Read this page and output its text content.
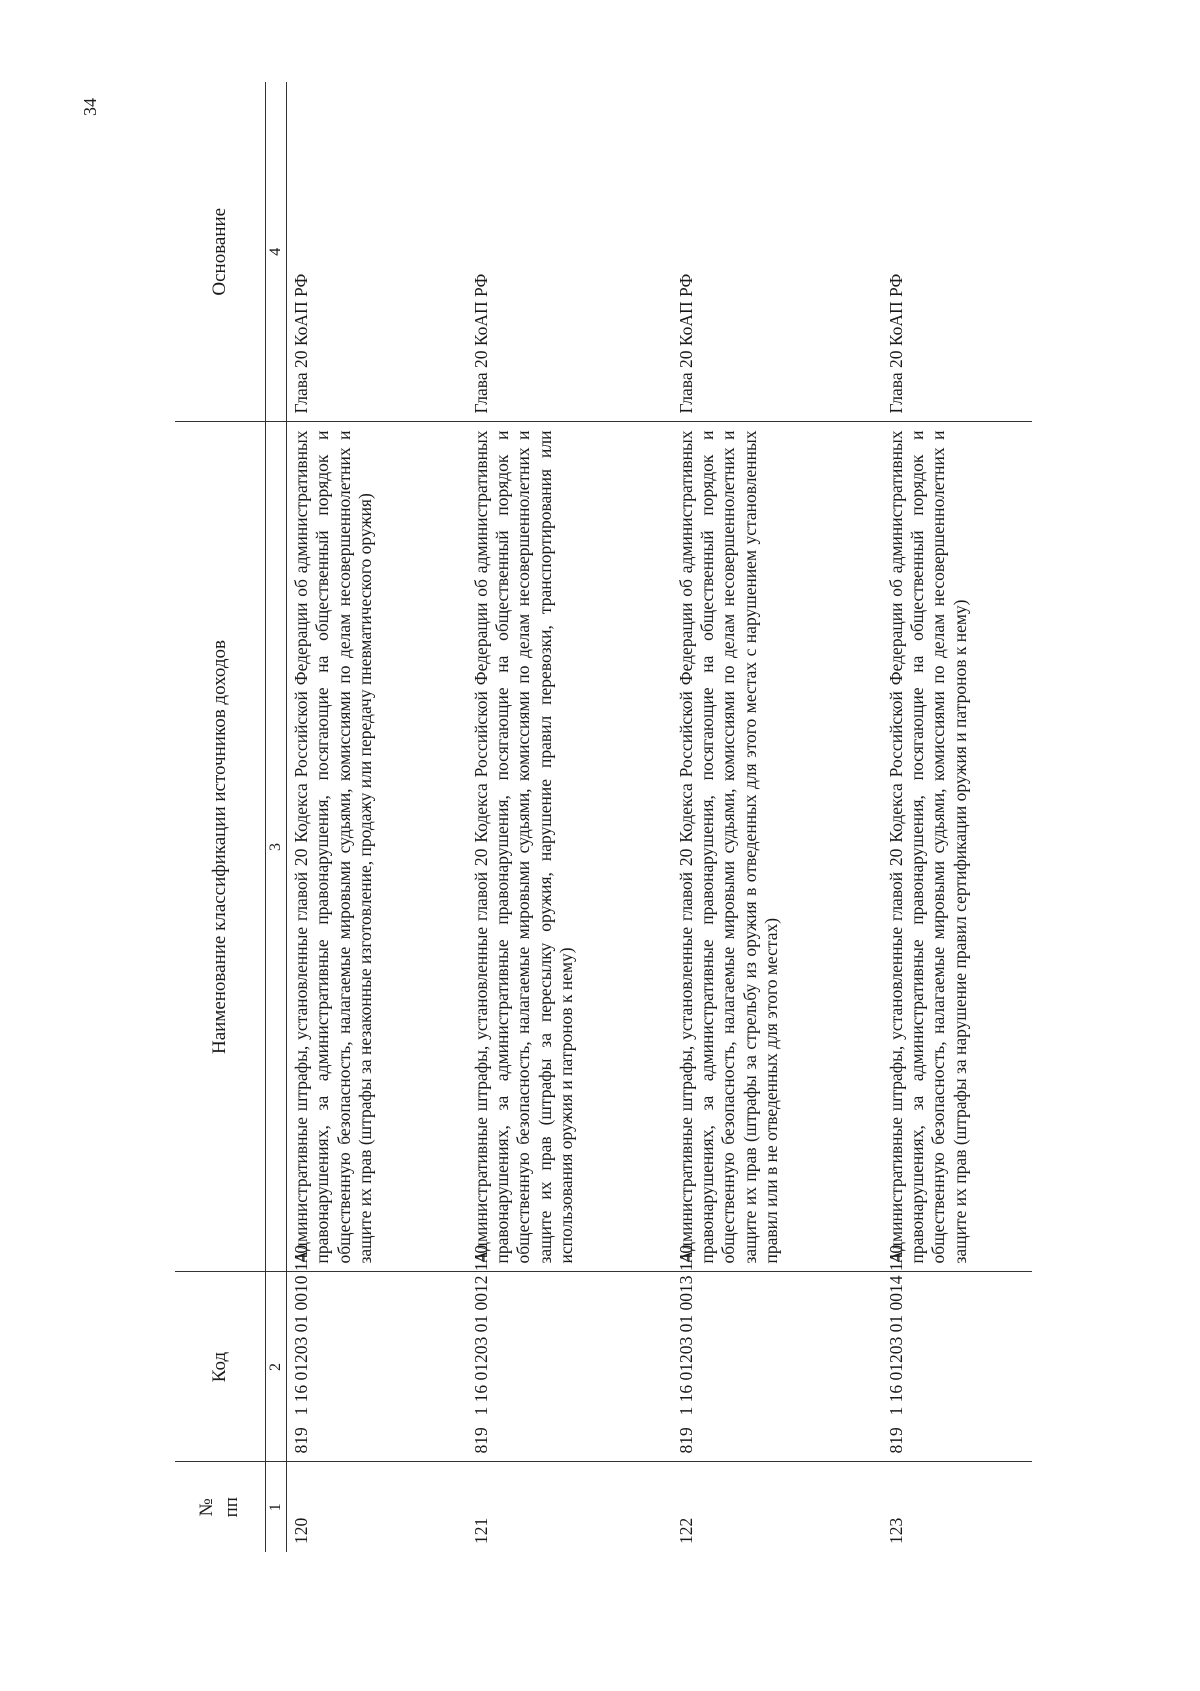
34
№ пп	Код	Наименование классификации источников доходов	Основание
1	2	3	4
120	8191 16 01203 01 0010 140	Административные штрафы, установленные главой 20 Кодекса Российской Федерации об административных правонарушениях, за административные правонарушения, посягающие на общественный порядок и общественную безопасность, налагаемые мировыми судьями, комиссиями по делам несовершеннолетних и защите их прав (штрафы за незаконные изготовление, продажу или передачу пневматического оружия)	Глава 20 КоАП РФ
121	8191 16 01203 01 0012 140	Административные штрафы, установленные главой 20 Кодекса Российской Федерации об административных правонарушениях, за административные правонарушения, посягающие на общественный порядок и общественную безопасность, налагаемые мировыми судьями, комиссиями по делам несовершеннолетних и защите их прав (штрафы за пересылку оружия, нарушение правил перевозки, транспортирования или использования оружия и патронов к нему)	Глава 20 КоАП РФ
122	8191 16 01203 01 0013 140	Административные штрафы, установленные главой 20 Кодекса Российской Федерации об административных правонарушениях, за административные правонарушения, посягающие на общественный порядок и общественную безопасность, налагаемые мировыми судьями, комиссиями по делам несовершеннолетних и защите их прав (штрафы за стрельбу из оружия в отведенных для этого местах с нарушением установленных правил или в не отведенных для этого местах)	Глава 20 КоАП РФ
123	8191 16 01203 01 0014 140	Административные штрафы, установленные главой 20 Кодекса Российской Федерации об административных правонарушениях, за административные правонарушения, посягающие на общественный порядок и общественную безопасность, налагаемые мировыми судьями, комиссиями по делам несовершеннолетних и защите их прав (штрафы за нарушение правил сертификации оружия и патронов к нему)	Глава 20 КоАП РФ
